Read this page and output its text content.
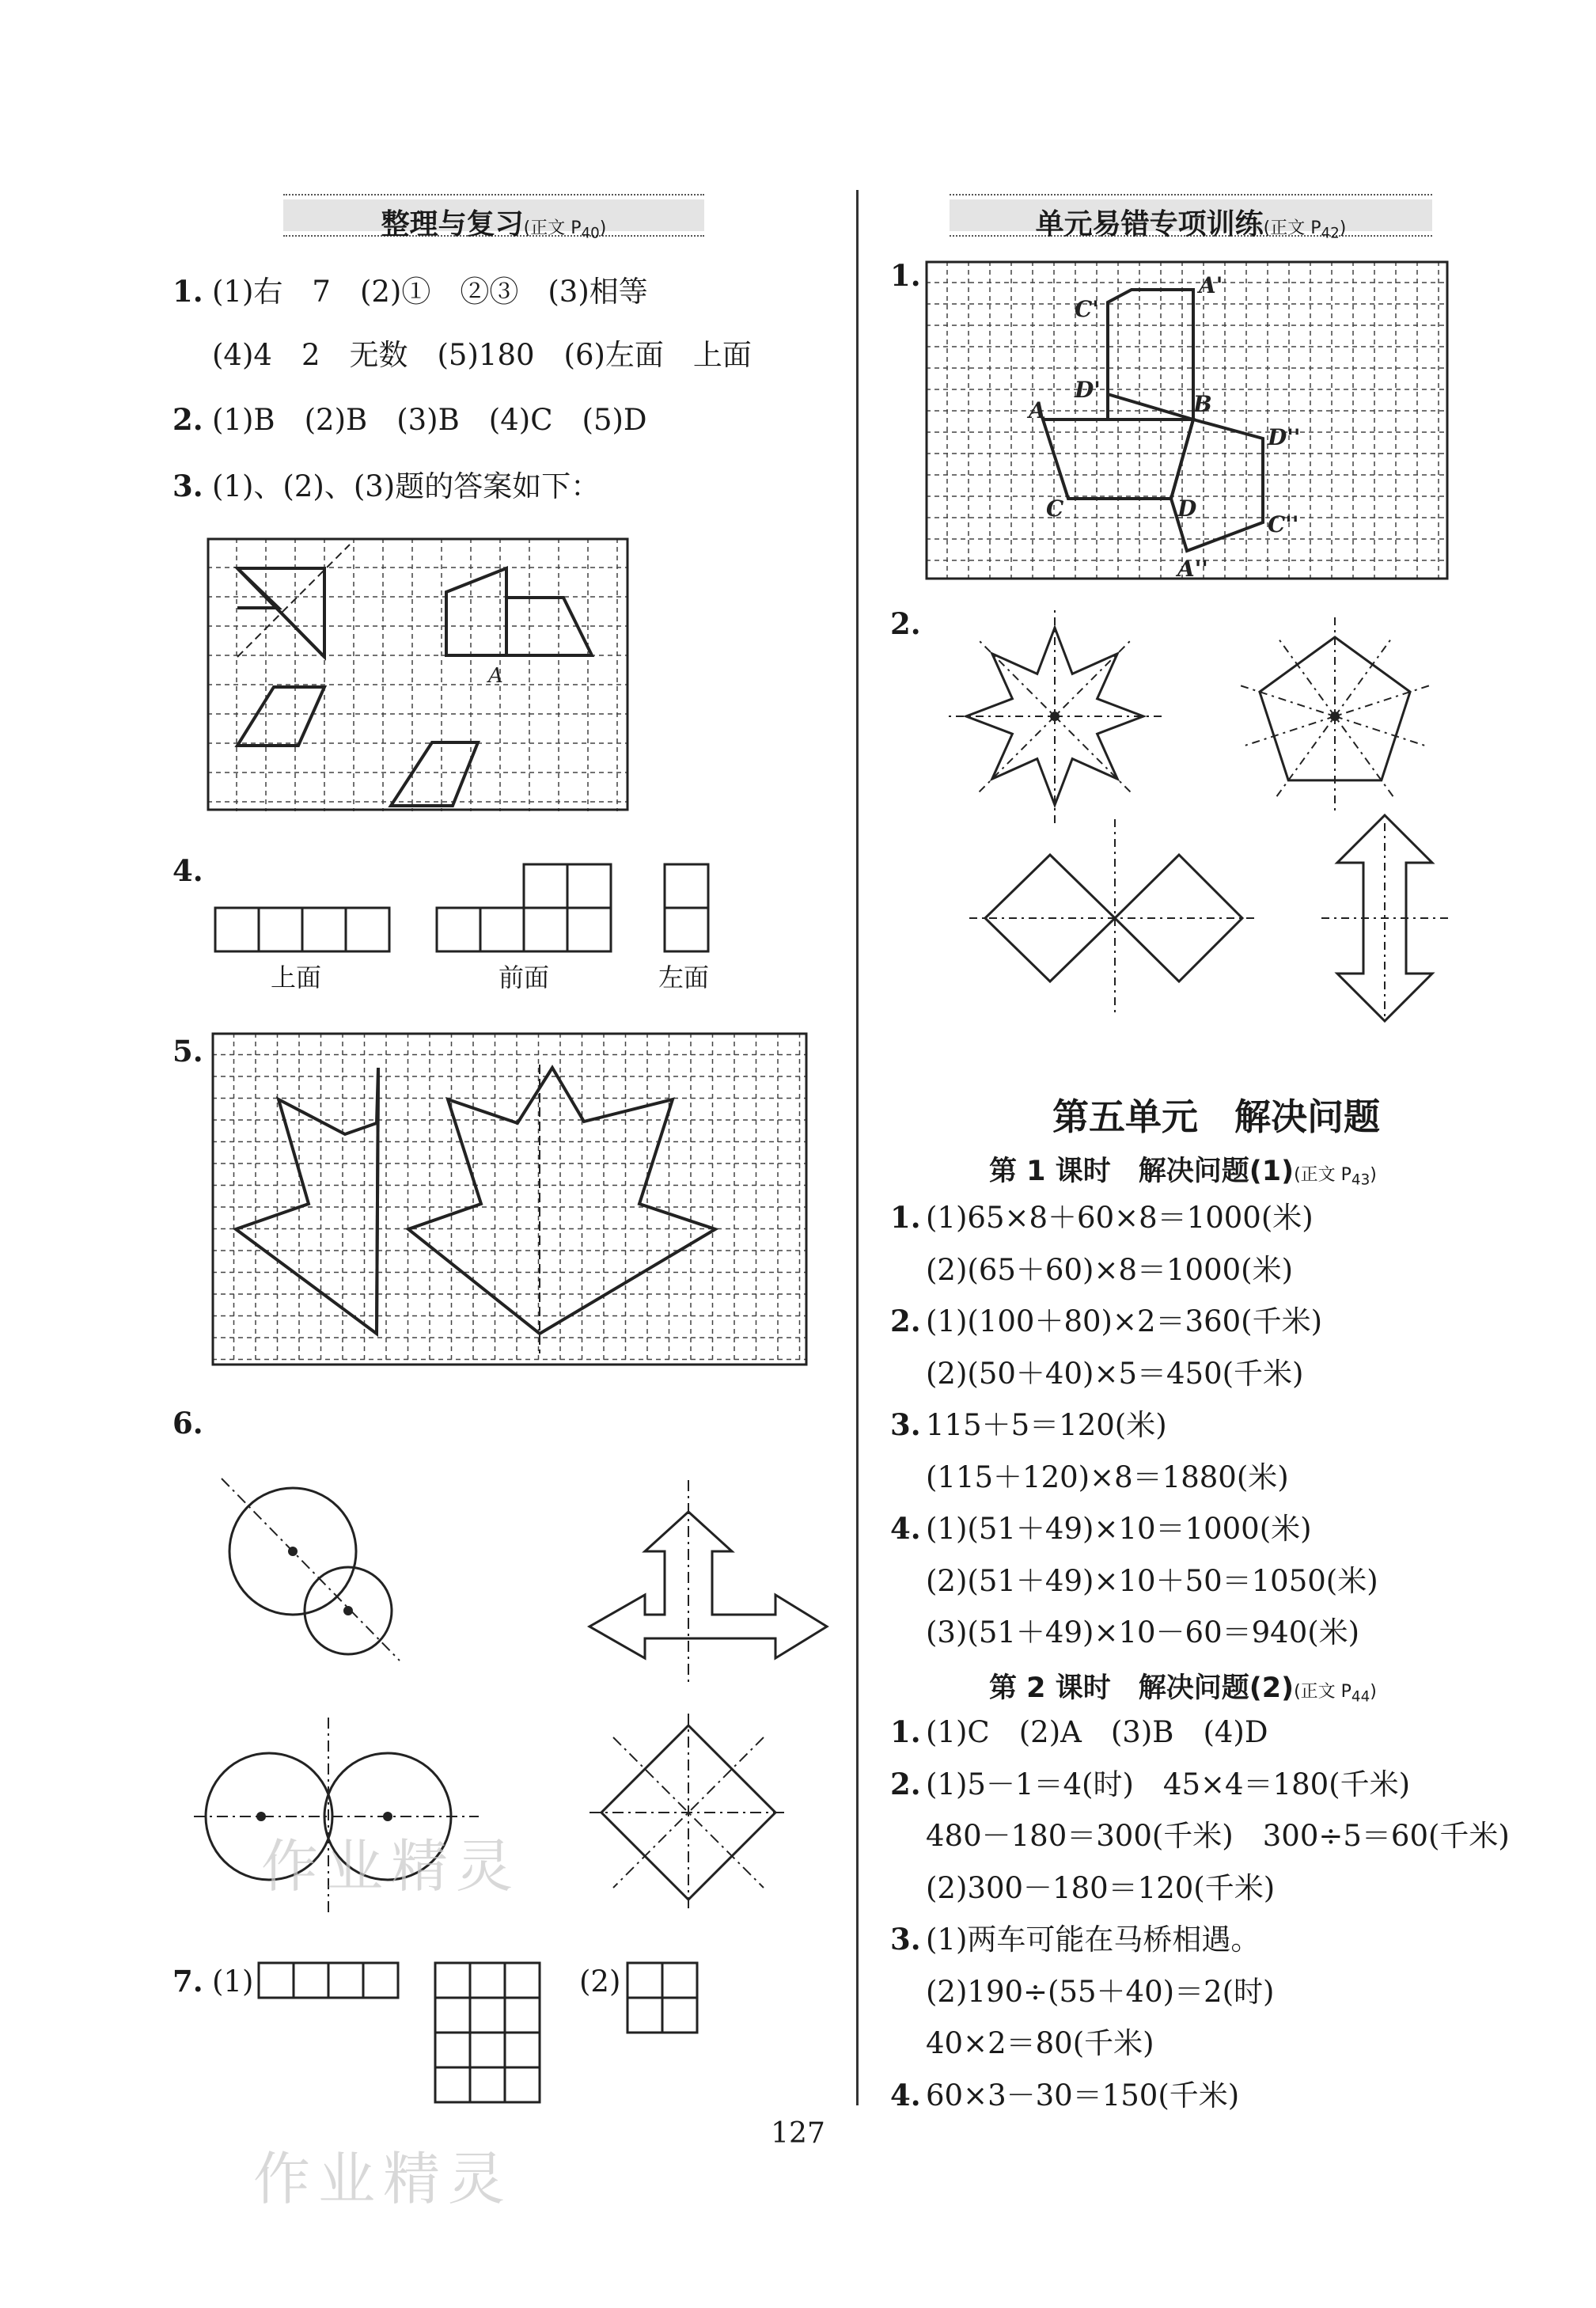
整理与复习(正文 $P_{40}$)
1. (1)右　7　(2)①　②③　(3)相等
(4)4　2　无数　(5)180　(6)左面　上面
2. (1)B　(2)B　(3)B　(4)C　(5)D
3. (1)、(2)、(3)题的答案如下：
A
4.
上面	前面	左面
5.
6.
7. (1)	(2)
单元易错专项训练(正文 $P_{42}$)
1.	A'
C'
D'
A	B
D''
C	D
C''
A''
2.
第五单元　解决问题
第 1 课时　解决问题(1)(正文 $P_{43}$)
1. (1)65×8＋60×8＝1000(米)
(2)(65＋60)×8＝1000(米)
2. (1)(100＋80)×2＝360(千米)
(2)(50＋40)×5＝450(千米)
3. 115＋5＝120(米)
(115＋120)×8＝1880(米)
4. (1)(51＋49)×10＝1000(米)
(2)(51＋49)×10＋50＝1050(米)
(3)(51＋49)×10－60＝940(米)
第 2 课时　解决问题(2)(正文 $P_{44}$)
1. (1)C　(2)A　(3)B　(4)D
2. (1)5－1＝4(时)　45×4＝180(千米)
480－180＝300(千米)　300÷5＝60(千米)
(2)300－180＝120(千米)
3. (1)两车可能在马桥相遇。
(2)190÷(55＋40)＝2(时)
40×2＝80(千米)
4. 60×3－30＝150(千米)
127
作业精灵
作业精灵
